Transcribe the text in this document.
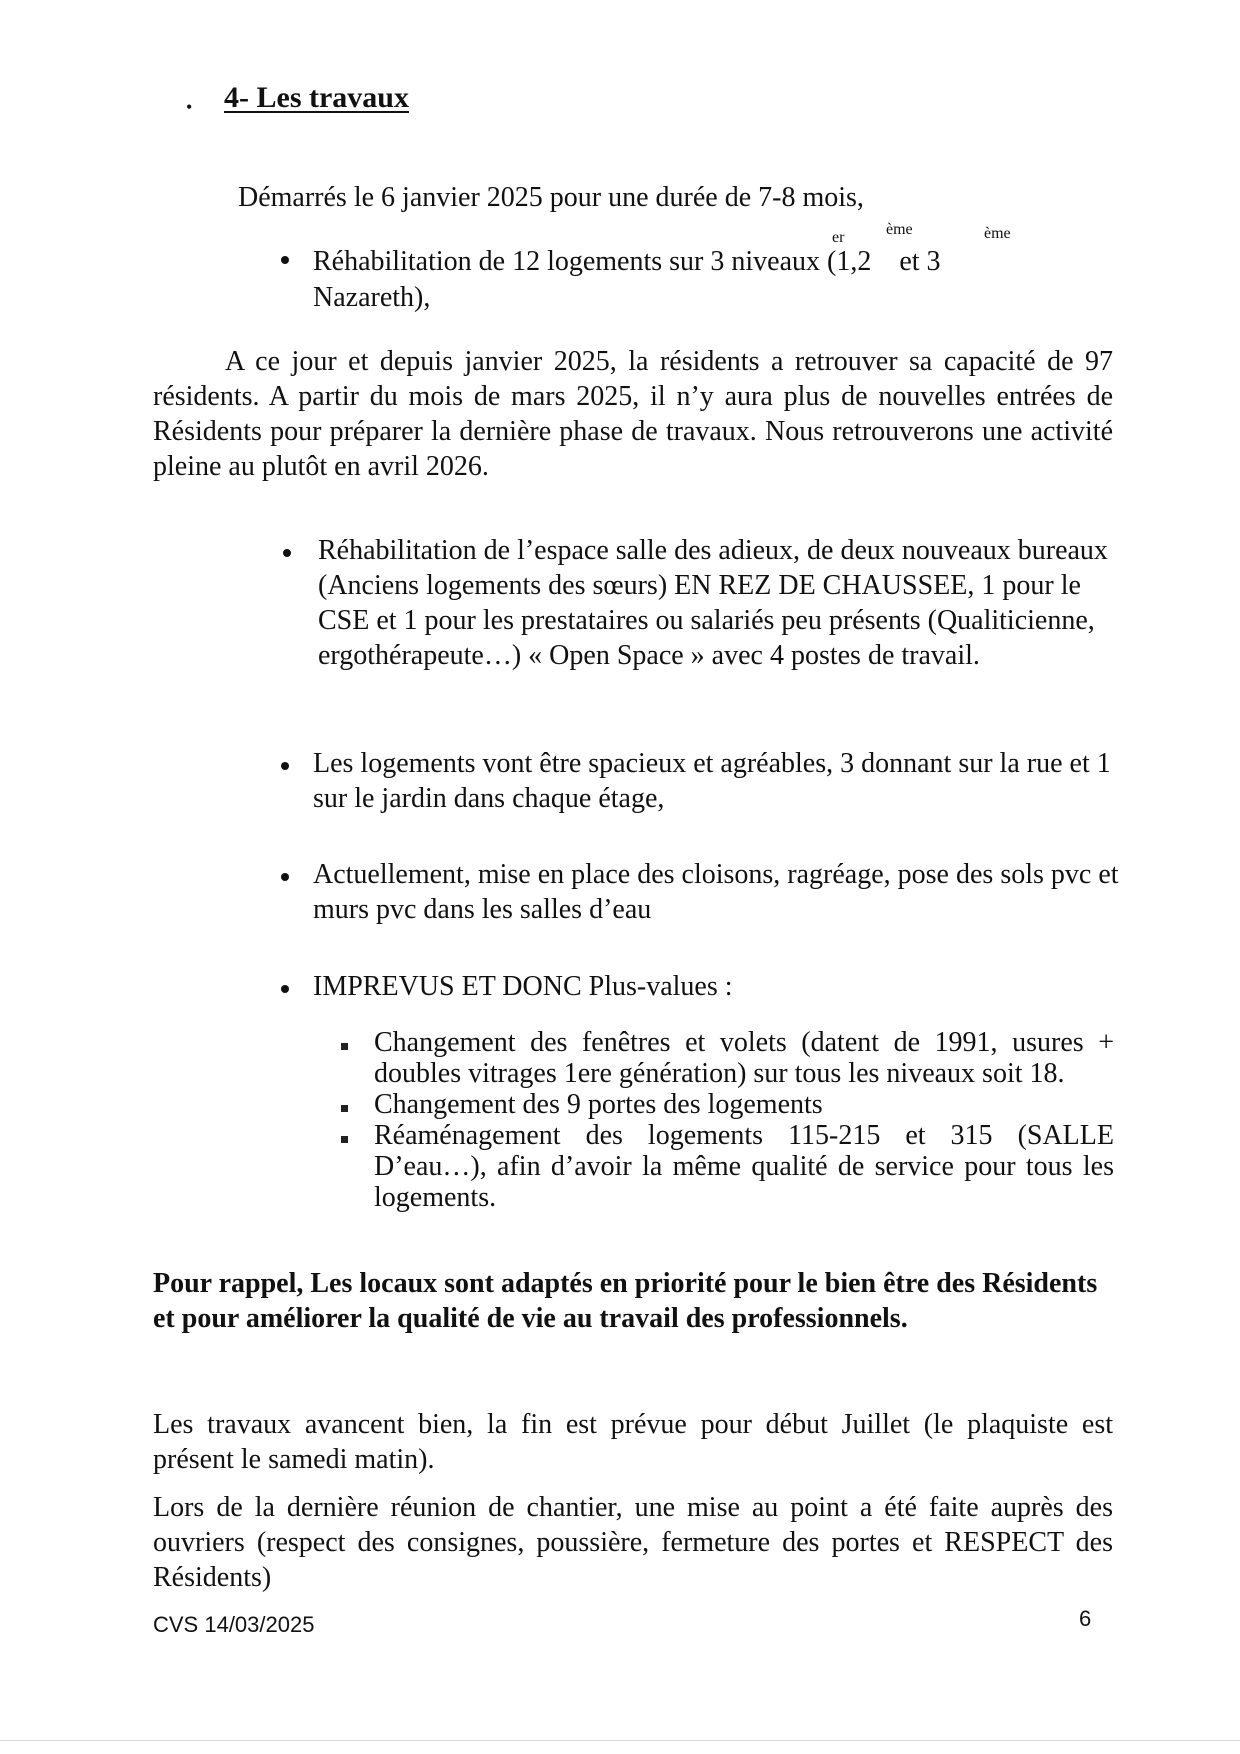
• 4- Les travaux
Démarrés le 6 janvier 2025 pour une durée de 7-8 mois,
Réhabilitation de 12 logements sur 3 niveaux (1,2 et 3
er	ème	ème
Nazareth),
A ce jour et depuis janvier 2025, la résidents a retrouver sa capacité de 97 résidents. A partir du mois de mars 2025, il n’y aura plus de nouvelles entrées de Résidents pour préparer la dernière phase de travaux. Nous retrouverons une activité pleine au plutôt en avril 2026.
Réhabilitation de l’espace salle des adieux, de deux nouveaux bureaux (Anciens logements des sœurs) EN REZ DE CHAUSSEE, 1 pour le CSE et 1 pour les prestataires ou salariés peu présents (Qualiticienne, ergothérapeute…) « Open Space » avec 4 postes de travail.
Les logements vont être spacieux et agréables, 3 donnant sur la rue et 1 sur le jardin dans chaque étage,
Actuellement, mise en place des cloisons, ragréage, pose des sols pvc et murs pvc dans les salles d’eau
IMPREVUS ET DONC Plus-values :
Changement des fenêtres et volets (datent de 1991, usures + doubles vitrages 1ere génération) sur tous les niveaux soit 18.
Changement des 9 portes des logements
Réaménagement des logements 115-215 et 315 (SALLE D’eau…), afin d’avoir la même qualité de service pour tous les logements.
Pour rappel, Les locaux sont adaptés en priorité pour le bien être des Résidents et pour améliorer la qualité de vie au travail des professionnels.
Les travaux avancent bien, la fin est prévue pour début Juillet (le plaquiste est présent le samedi matin).
Lors de la dernière réunion de chantier, une mise au point a été faite auprès des ouvriers (respect des consignes, poussière, fermeture des portes et RESPECT des Résidents)
CVS 14/03/2025	6
